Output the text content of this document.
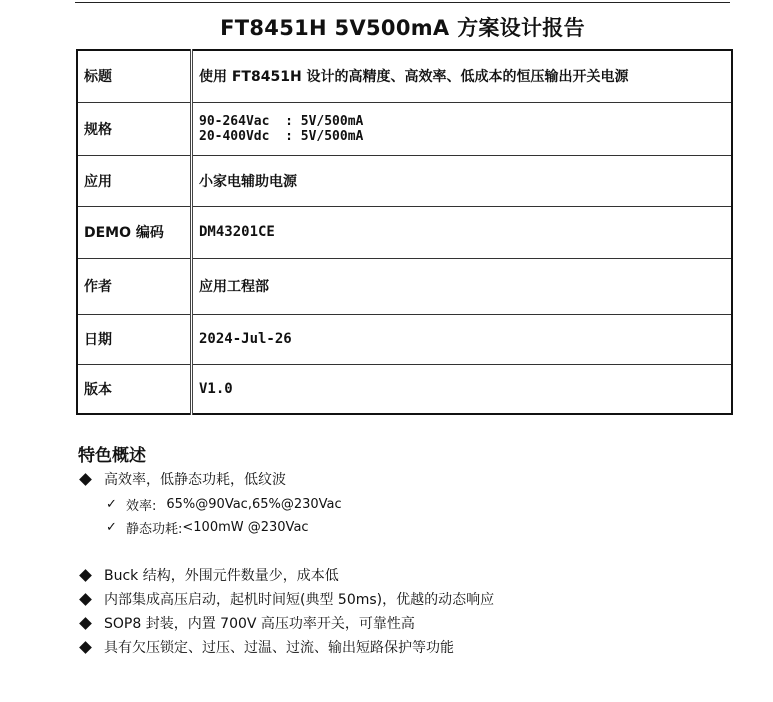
FT8451H 5V500mA 方案设计报告
标题	使用 FT8451H 设计的高精度、高效率、低成本的恒压输出开关电源
规格	90-264Vac  : 5V/500mA
20-400Vdc  : 5V/500mA

应用	小家电辅助电源
DEMO 编码	DM43201CE
作者	应用工程部
日期	2024-Jul-26
版本	V1.0
特色概述
高效率，低静态功耗，低纹波
✓ 效率: 65%@90Vac,65%@230Vac
✓ 静态功耗: <100mW @230Vac
Buck 结构，外围元件数量少，成本低
内部集成高压启动，起机时间短(典型 50ms)，优越的动态响应
SOP8 封装，内置 700V 高压功率开关，可靠性高
具有欠压锁定、过压、过温、过流、输出短路保护等功能
